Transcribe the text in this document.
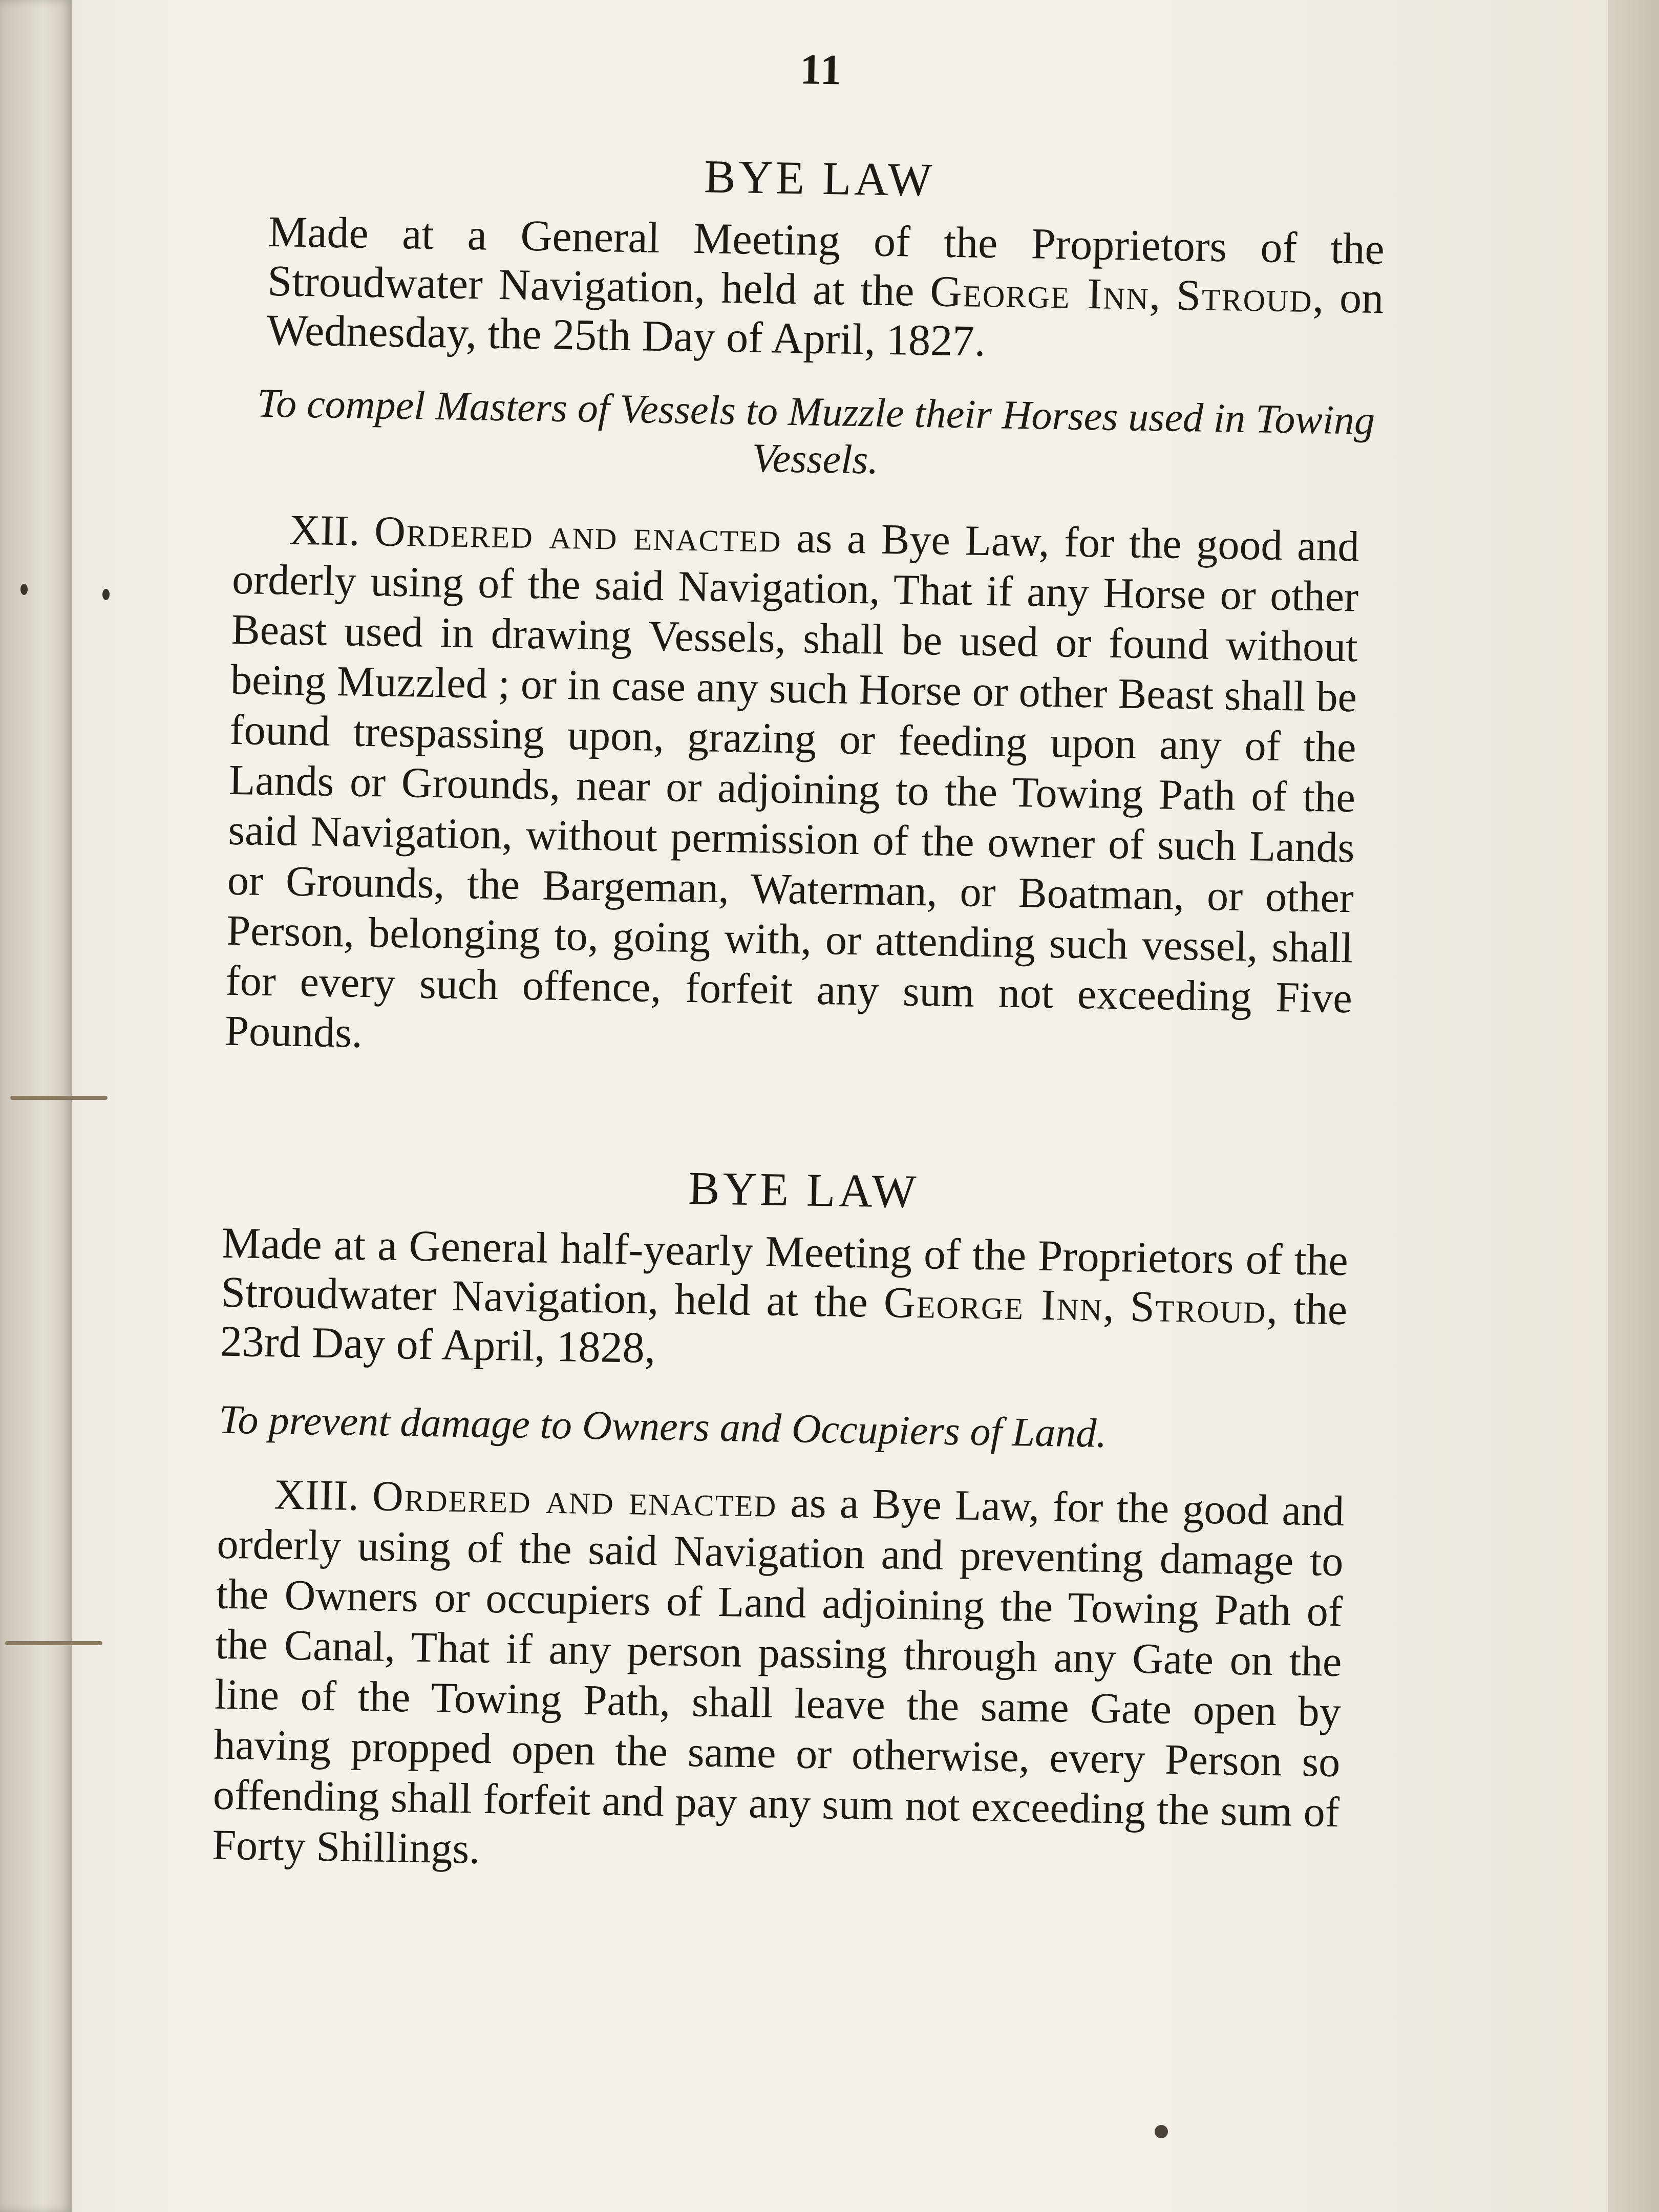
11
BYE LAW
Made at a General Meeting of the Proprietors of the Stroudwater Navigation, held at the George Inn, Stroud, on Wednesday, the 25th Day of April, 1827.
To compel Masters of Vessels to Muzzle their Horses used in Towing Vessels.
XII. Ordered and enacted as a Bye Law, for the good and orderly using of the said Navigation, That if any Horse or other Beast used in drawing Vessels, shall be used or found without being Muzzled ; or in case any such Horse or other Beast shall be found trespassing upon, grazing or feeding upon any of the Lands or Grounds, near or adjoining to the Towing Path of the said Navigation, without permission of the owner of such Lands or Grounds, the Bargeman, Waterman, or Boatman, or other Person, belonging to, going with, or attending such vessel, shall for every such offence, forfeit any sum not exceeding Five Pounds.
BYE LAW
Made at a General half-yearly Meeting of the Proprietors of the Stroudwater Navigation, held at the George Inn, Stroud, the 23rd Day of April, 1828,
To prevent damage to Owners and Occupiers of Land.
XIII. Ordered and enacted as a Bye Law, for the good and orderly using of the said Navigation and preventing damage to the Owners or occupiers of Land adjoining the Towing Path of the Canal, That if any person passing through any Gate on the line of the Towing Path, shall leave the same Gate open by having propped open the same or otherwise, every Person so offending shall forfeit and pay any sum not exceeding the sum of Forty Shillings.
